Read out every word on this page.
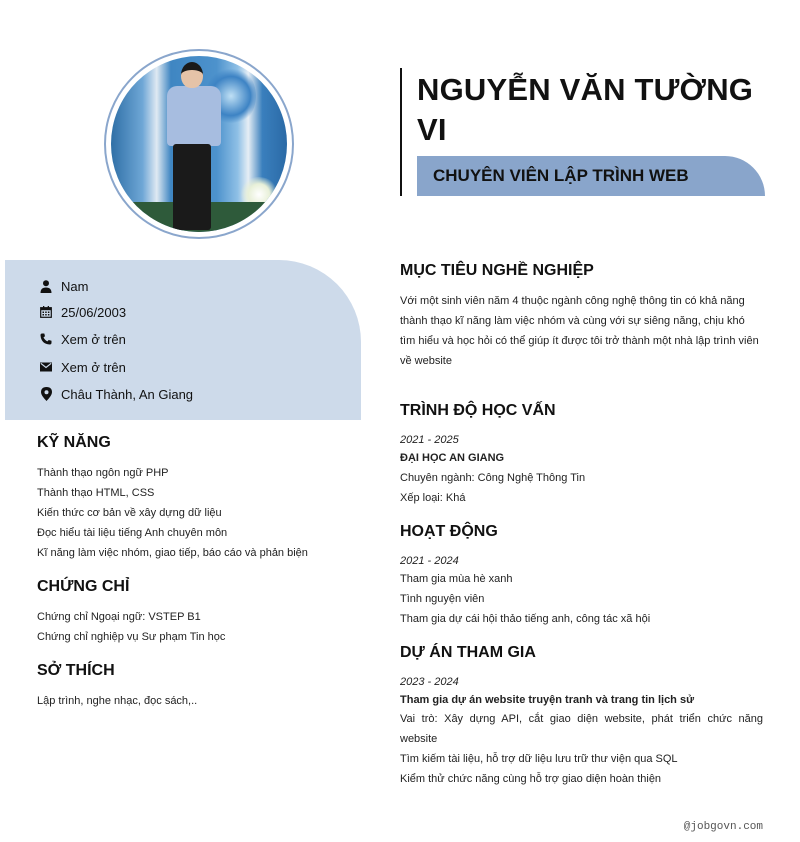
NGUYỄN VĂN TƯỜNG VI
CHUYÊN VIÊN LẬP TRÌNH WEB
Nam
25/06/2003
Xem ở trên
Xem ở trên
Châu Thành, An Giang
KỸ NĂNG
Thành thạo ngôn ngữ PHP
Thành thạo HTML, CSS
Kiến thức cơ bản về xây dựng dữ liệu
Đọc hiểu tài liệu tiếng Anh chuyên môn
Kĩ năng làm việc nhóm, giao tiếp, báo cáo và phản biện
CHỨNG CHỈ
Chứng chỉ Ngoại ngữ: VSTEP B1
Chứng chỉ nghiệp vụ Sư phạm Tin học
SỞ THÍCH
Lập trình, nghe nhạc, đọc sách,..
MỤC TIÊU NGHỀ NGHIỆP
Với một sinh viên năm 4 thuộc ngành công nghệ thông tin có khả năng
thành thạo kĩ năng làm việc nhóm và cùng với sự siêng năng, chịu khó
tìm hiểu và học hỏi có thể giúp ít được tôi trở thành một nhà lập trình viên
về website
TRÌNH ĐỘ HỌC VẤN
2021 - 2025
ĐẠI HỌC AN GIANG
Chuyên ngành: Công Nghệ Thông Tin
Xếp loại: Khá
HOẠT ĐỘNG
2021 - 2024
Tham gia mùa hè xanh
Tình nguyện viên
Tham gia dự cái hội thảo tiếng anh, công tác xã hội
DỰ ÁN THAM GIA
2023 - 2024
Tham gia dự án website truyện tranh và trang tin lịch sử
Vai trò: Xây dựng API, cắt giao diện website, phát triển chức năng
website
Tìm kiếm tài liệu, hỗ trợ dữ liệu lưu trữ thư viện qua SQL
Kiểm thử chức năng cùng hỗ trợ giao diện hoàn thiện
@jobgovn.com
